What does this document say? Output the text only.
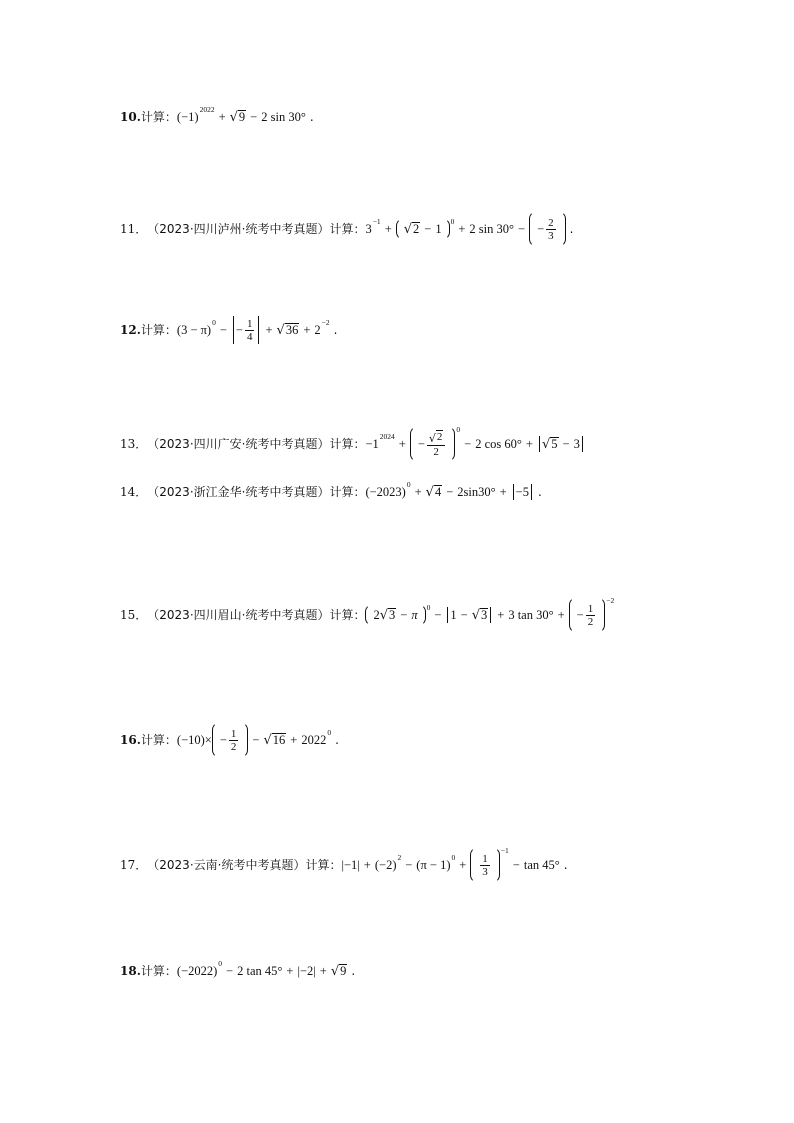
10. 计算： ( −1 ) 2022 + √ 9 − 2 sin 30° .
11． （2023·四川泸州·统考中考真题）计算： 3 −1 + √ 2 − 1 0 + 2 sin 30° − − $\frac{2}{3}$ .
12. 计算： (3 − π) 0 − − $\frac{1}{4}$ + √ 36 + 2 −2
.
13． （2023·四川广安·统考中考真题）计算： −1 2024 + − $\frac{√ 2}{2}$
0
− 2 cos 60° + √ 5 − 3
14． （2023·浙江金华·统考中考真题）计算： (−2023) 0 + √ 4 − 2sin30° + −5 .
15． （2023·四川眉山·统考中考真题）计算： 2 √ 3 − π 0 − 1 − √ 3 + 3 tan 30° + − $\frac{1}{2}$
−2
16. 计算： $(-10)\times - \frac{1}{2}$ − √ 16 + 2022 0
.
17． （2023·云南·统考中考真题）计算： | −1 | + (−2) 2 − (π − 1) $0 + \frac{1}{3}$
−1
− tan 45° .
18. 计算： (−2022) 0 − 2 tan 45° + | −2 | + √ 9 .
